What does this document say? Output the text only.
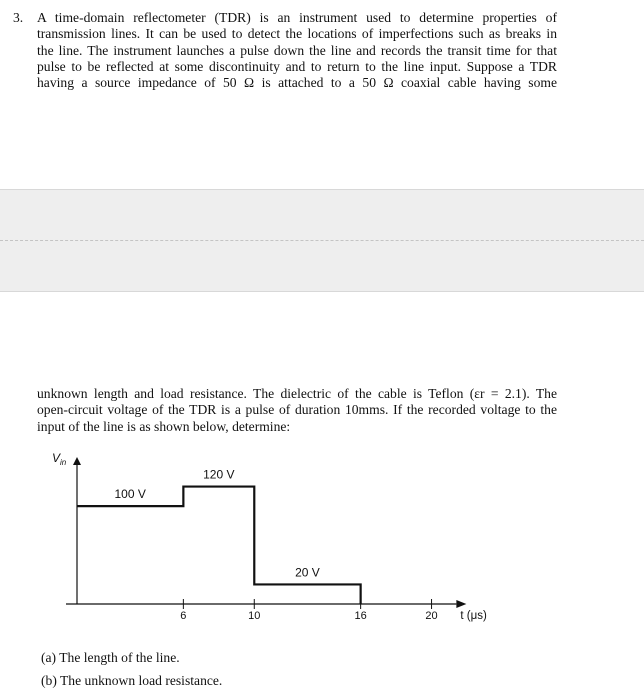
3. A time-domain reflectometer (TDR) is an instrument used to determine properties of
transmission lines. It can be used to detect the locations of imperfections such as breaks in
the line. The instrument launches a pulse down the line and records the transit time for that
pulse to be reflected at some discontinuity and to return to the line input. Suppose a TDR
having a source impedance of 50 Ω is attached to a 50 Ω coaxial cable having some
unknown length and load resistance. The dielectric of the cable is Teflon (εr = 2.1). The
open-circuit voltage of the TDR is a pulse of duration 10mms. If the recorded voltage to the
input of the line is as shown below, determine:
6	10	16	20
100 V
120 V
20 V
$V_{in}$
t (μs)
(a) The length of the line.
(b) The unknown load resistance.
